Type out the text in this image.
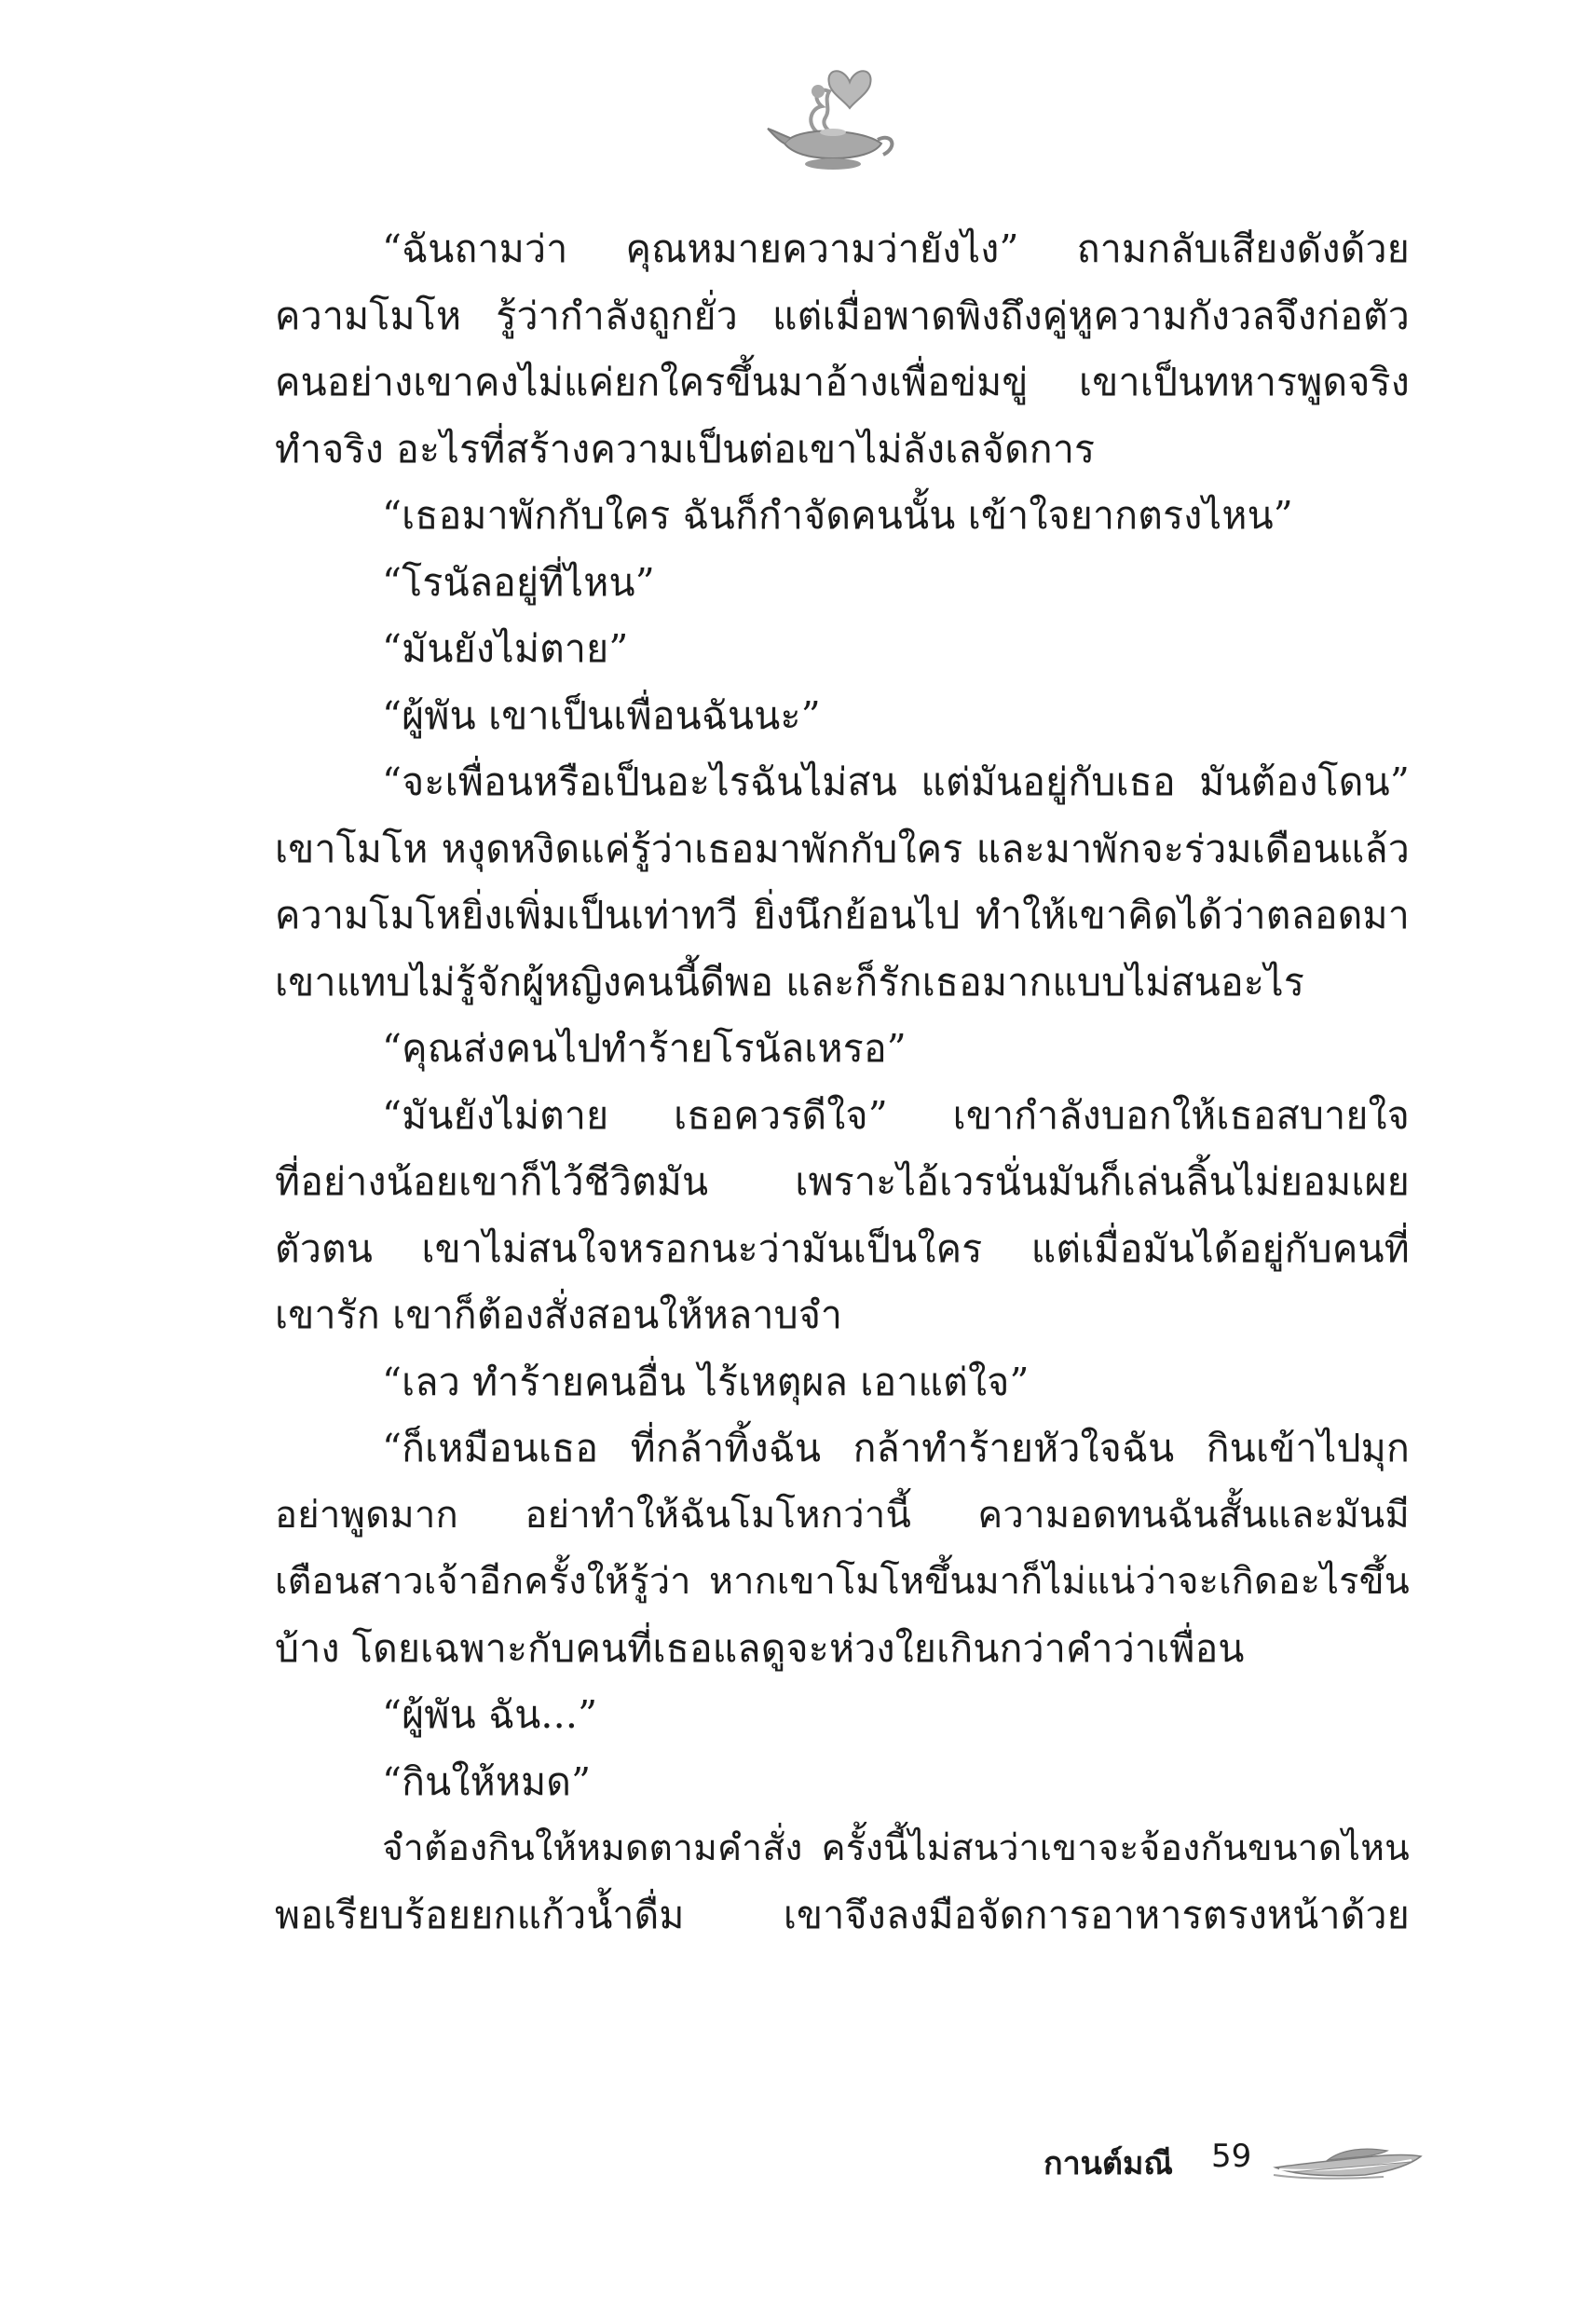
“ฉันถามว่า คุณหมายความว่ายังไง” ถามกลับเสียงดังด้วย
ความโมโห รู้ว่ากำลังถูกยั่ว แต่เมื่อพาดพิงถึงคู่หูความกังวลจึงก่อตัว
คนอย่างเขาคงไม่แค่ยกใครขึ้นมาอ้างเพื่อข่มขู่ เขาเป็นทหารพูดจริง
ทำจริง อะไรที่สร้างความเป็นต่อเขาไม่ลังเลจัดการ
“เธอมาพักกับใคร ฉันก็กำจัดคนนั้น เข้าใจยากตรงไหน”
“โรนัลอยู่ที่ไหน”
“มันยังไม่ตาย”
“ผู้พัน เขาเป็นเพื่อนฉันนะ”
“จะเพื่อนหรือเป็นอะไรฉันไม่สน แต่มันอยู่กับเธอ มันต้องโดน”
เขาโมโห หงุดหงิดแค่รู้ว่าเธอมาพักกับใคร และมาพักจะร่วมเดือนแล้ว
ความโมโหยิ่งเพิ่มเป็นเท่าทวี ยิ่งนึกย้อนไป ทำให้เขาคิดได้ว่าตลอดมา
เขาแทบไม่รู้จักผู้หญิงคนนี้ดีพอ และก็รักเธอมากแบบไม่สนอะไร
“คุณส่งคนไปทำร้ายโรนัลเหรอ”
“มันยังไม่ตาย เธอควรดีใจ” เขากำลังบอกให้เธอสบายใจ
ที่อย่างน้อยเขาก็ไว้ชีวิตมัน เพราะไอ้เวรนั่นมันก็เล่นลิ้นไม่ยอมเผย
ตัวตน เขาไม่สนใจหรอกนะว่ามันเป็นใคร แต่เมื่อมันได้อยู่กับคนที่
เขารัก เขาก็ต้องสั่งสอนให้หลาบจำ
“เลว ทำร้ายคนอื่น ไร้เหตุผล เอาแต่ใจ”
“ก็เหมือนเธอ ที่กล้าทิ้งฉัน กล้าทำร้ายหัวใจฉัน กินเข้าไปมุก
อย่าพูดมาก อย่าทำให้ฉันโมโหกว่านี้ ความอดทนฉันสั้นและมันมี
เตือนสาวเจ้าอีกครั้งให้รู้ว่า หากเขาโมโหขึ้นมาก็ไม่แน่ว่าจะเกิดอะไรขึ้น
บ้าง โดยเฉพาะกับคนที่เธอแลดูจะห่วงใยเกินกว่าคำว่าเพื่อน
“ผู้พัน ฉัน...”
“กินให้หมด”
จำต้องกินให้หมดตามคำสั่ง ครั้งนี้ไม่สนว่าเขาจะจ้องกันขนาดไหน
พอเรียบร้อยยกแก้วน้ำดื่ม เขาจึงลงมือจัดการอาหารตรงหน้าด้วย
กานต์มณี 59
